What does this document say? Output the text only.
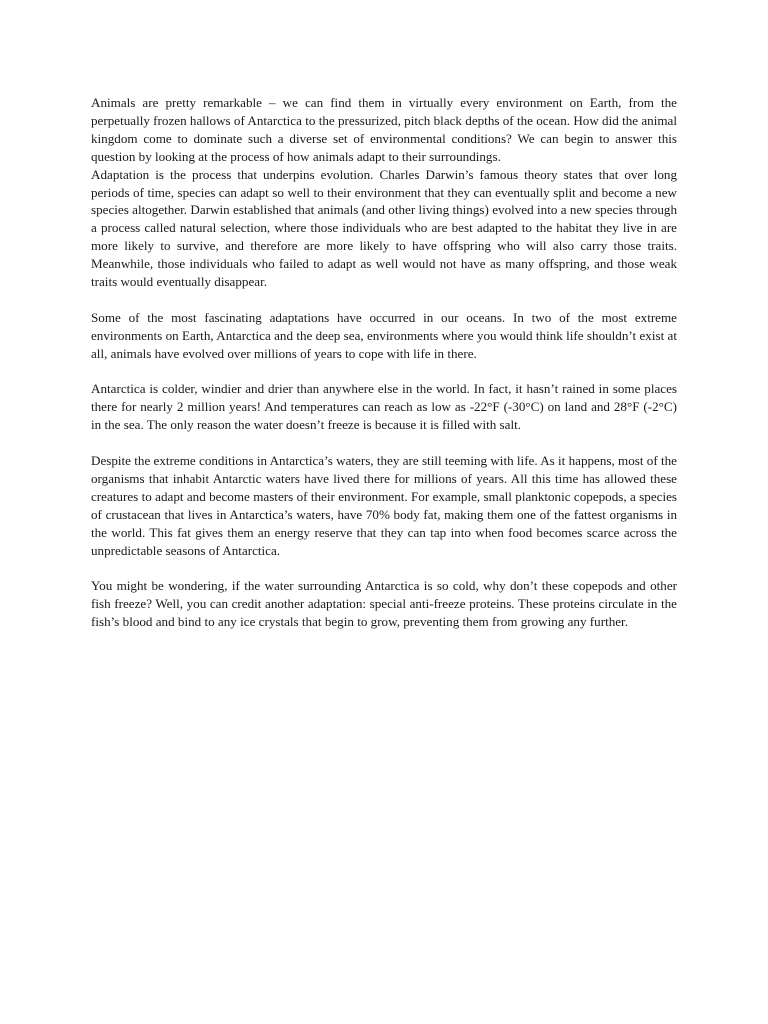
Animals are pretty remarkable – we can find them in virtually every environment on Earth, from the perpetually frozen hallows of Antarctica to the pressurized, pitch black depths of the ocean. How did the animal kingdom come to dominate such a diverse set of environmental conditions? We can begin to answer this question by looking at the process of how animals adapt to their surroundings.

Adaptation is the process that underpins evolution. Charles Darwin’s famous theory states that over long periods of time, species can adapt so well to their environment that they can eventually split and become a new species altogether. Darwin established that animals (and other living things) evolved into a new species through a process called natural selection, where those individuals who are best adapted to the habitat they live in are more likely to survive, and therefore are more likely to have offspring who will also carry those traits. Meanwhile, those individuals who failed to adapt as well would not have as many offspring, and those weak traits would eventually disappear.

Some of the most fascinating adaptations have occurred in our oceans. In two of the most extreme environments on Earth, Antarctica and the deep sea, environments where you would think life shouldn’t exist at all, animals have evolved over millions of years to cope with life in there.

Antarctica is colder, windier and drier than anywhere else in the world. In fact, it hasn’t rained in some places there for nearly 2 million years! And temperatures can reach as low as -22°F (-30°C) on land and 28°F (-2°C) in the sea. The only reason the water doesn’t freeze is because it is filled with salt.

Despite the extreme conditions in Antarctica’s waters, they are still teeming with life. As it happens, most of the organisms that inhabit Antarctic waters have lived there for millions of years. All this time has allowed these creatures to adapt and become masters of their environment. For example, small planktonic copepods, a species of crustacean that lives in Antarctica’s waters, have 70% body fat, making them one of the fattest organisms in the world. This fat gives them an energy reserve that they can tap into when food becomes scarce across the unpredictable seasons of Antarctica.

You might be wondering, if the water surrounding Antarctica is so cold, why don’t these copepods and other fish freeze? Well, you can credit another adaptation: special anti-freeze proteins. These proteins circulate in the fish’s blood and bind to any ice crystals that begin to grow, preventing them from growing any further.
